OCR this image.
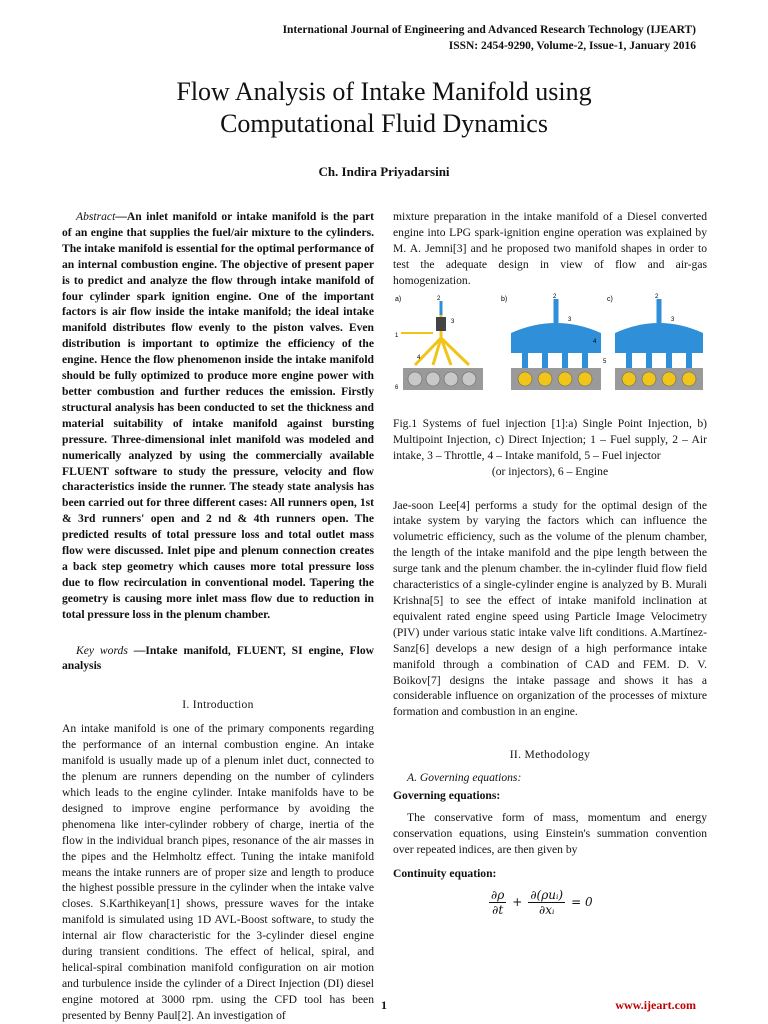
International Journal of Engineering and Advanced Research Technology (IJEART)
ISSN: 2454-9290, Volume-2, Issue-1, January 2016
Flow Analysis of Intake Manifold using
Computational Fluid Dynamics
Ch. Indira Priyadarsini

Abstract—An inlet manifold or intake manifold is the part of an engine that supplies the fuel/air mixture to the cylinders. The intake manifold is essential for the optimal performance of an internal combustion engine. The objective of present paper is to predict and analyze the flow through intake manifold of four cylinder spark ignition engine. One of the important factors is air flow inside the intake manifold; the ideal intake manifold distributes flow evenly to the piston valves. Even distribution is important to optimize the efficiency of the engine. Hence the flow phenomenon inside the intake manifold should be fully optimized to produce more engine power with better combustion and further reduces the emission. Firstly structural analysis has been conducted to set the thickness and material suitability of intake manifold against bursting pressure. Three-dimensional inlet manifold was modeled and numerically analyzed by using the commercially available FLUENT software to study the pressure, velocity and flow characteristics inside the runner. The steady state analysis has been carried out for three different cases: All runners open, 1st & 3rd runners' open and 2 nd & 4th runners open. The predicted results of total pressure loss and total outlet mass flow were discussed. Inlet pipe and plenum connection creates a back step geometry which causes more total pressure loss due to flow recirculation in conventional model. Tapering the geometry is causing more inlet mass flow due to reduction in total pressure loss in the plenum chamber.

Key words —Intake manifold, FLUENT, SI engine, Flow analysis

I. Introduction

An intake manifold is one of the primary components regarding the performance of an internal combustion engine. An intake manifold is usually made up of a plenum inlet duct, connected to the plenum are runners depending on the number of cylinders which leads to the engine cylinder. Intake manifolds have to be designed to improve engine performance by avoiding the phenomena like inter-cylinder robbery of charge, inertia of the flow in the individual branch pipes, resonance of the air masses in the pipes and the Helmholtz effect. Tuning the intake manifold means the intake runners are of proper size and length to produce the highest possible pressure in the cylinder when the intake valve closes. S.Karthikeyan[1] shows, pressure waves for the intake manifold is simulated using 1D AVL-Boost software, to study the internal air flow characteristic for the 3-cylinder diesel engine during transient conditions. The effect of helical, spiral, and helical-spiral combination manifold configuration on air motion and turbulence inside the cylinder of a Direct Injection (DI) diesel engine motored at 3000 rpm. using the CFD tool has been presented by Benny Paul[2]. An investigation of

mixture preparation in the intake manifold of a Diesel converted engine into LPG spark-ignition engine operation was explained by M. A. Jemni[3] and he proposed two manifold shapes in order to test the adequate design in view of flow and air-gas homogenization.

a)	2
1
3
4
6
b)	2
3
4
5
c)	2
3

Fig.1 Systems of fuel injection [1]:a) Single Point Injection, b) Multipoint Injection, c) Direct Injection; 1 – Fuel supply, 2 – Air intake, 3 – Throttle, 4 – Intake manifold, 5 – Fuel injector

(or injectors), 6 – Engine

Jae-soon Lee[4] performs a study for the optimal design of the intake system by varying the factors which can influence the volumetric efficiency, such as the volume of the plenum chamber, the length of the intake manifold and the pipe length between the surge tank and the plenum chamber. the in-cylinder fluid flow field characteristics of a single-cylinder engine is analyzed by B. Murali Krishna[5] to see the effect of intake manifold inclination at equivalent rated engine speed using Particle Image Velocimetry (PIV) under various static intake valve lift conditions. A.Martínez-Sanz[6] develops a new design of a high performance intake manifold through a combination of CAD and FEM. D. V. Boikov[7] designs the intake passage and shows it has a considerable influence on organization of the processes of mixture formation and combustion in an engine.

II. Methodology
A. Governing equations:

Governing equations:

The conservative form of mass, momentum and energy conservation equations, using Einstein's summation convention over repeated indices, are then given by

Continuity equation:

$\frac{\partial\rho}{\partial t} + \frac{\text{∂(ρuᵢ)}}{\text{∂xᵢ}} = 0$
1	www.ijeart.com
